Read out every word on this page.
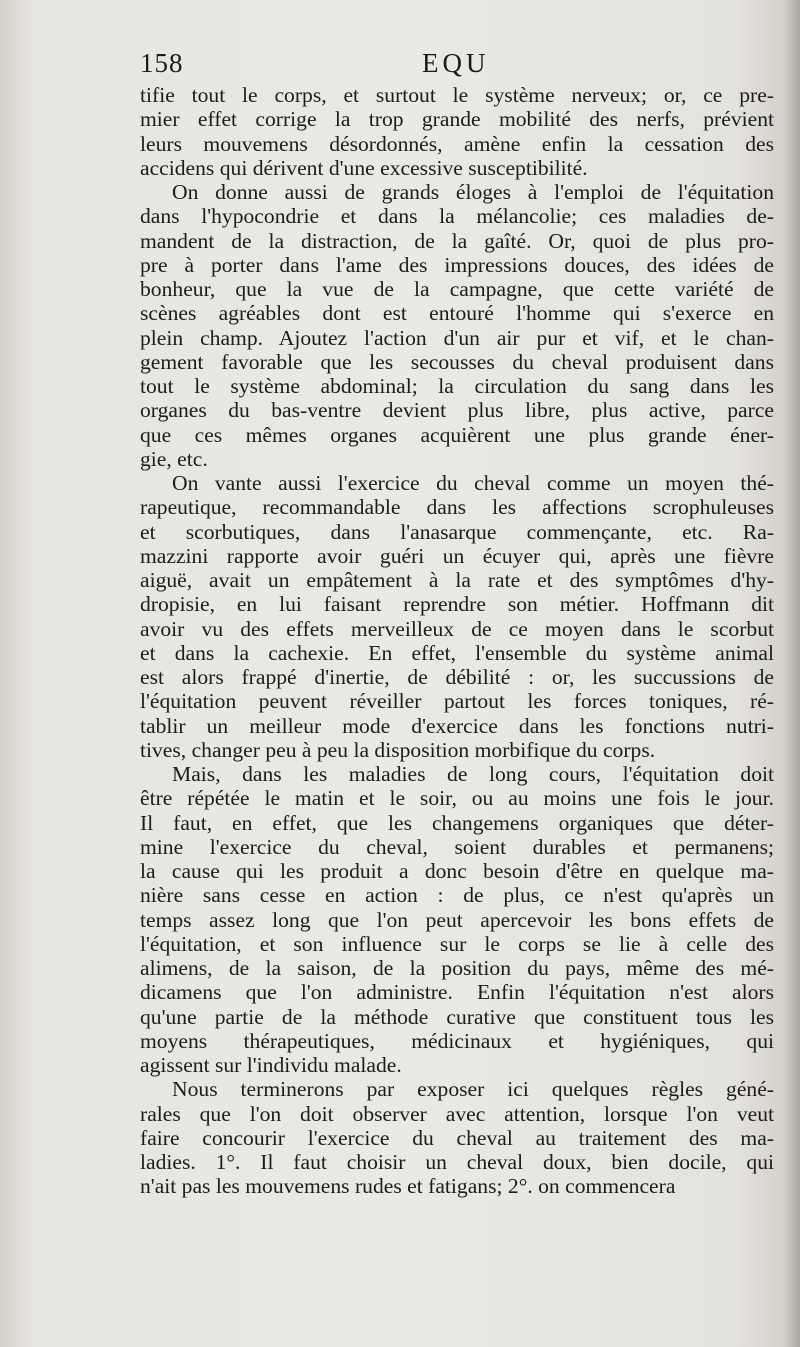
158	EQU
tifie tout le corps, et surtout le système nerveux; or, ce pre-
mier effet corrige la trop grande mobilité des nerfs, prévient
leurs mouvemens désordonnés, amène enfin la cessation des
accidens qui dérivent d'une excessive susceptibilité.
On donne aussi de grands éloges à l'emploi de l'équitation
dans l'hypocondrie et dans la mélancolie; ces maladies de-
mandent de la distraction, de la gaîté. Or, quoi de plus pro-
pre à porter dans l'ame des impressions douces, des idées de
bonheur, que la vue de la campagne, que cette variété de
scènes agréables dont est entouré l'homme qui s'exerce en
plein champ. Ajoutez l'action d'un air pur et vif, et le chan-
gement favorable que les secousses du cheval produisent dans
tout le système abdominal; la circulation du sang dans les
organes du bas-ventre devient plus libre, plus active, parce
que ces mêmes organes acquièrent une plus grande éner-
gie, etc.
On vante aussi l'exercice du cheval comme un moyen thé-
rapeutique, recommandable dans les affections scrophuleuses
et scorbutiques, dans l'anasarque commençante, etc. Ra-
mazzini rapporte avoir guéri un écuyer qui, après une fièvre
aiguë, avait un empâtement à la rate et des symptômes d'hy-
dropisie, en lui faisant reprendre son métier. Hoffmann dit
avoir vu des effets merveilleux de ce moyen dans le scorbut
et dans la cachexie. En effet, l'ensemble du système animal
est alors frappé d'inertie, de débilité : or, les succussions de
l'équitation peuvent réveiller partout les forces toniques, ré-
tablir un meilleur mode d'exercice dans les fonctions nutri-
tives, changer peu à peu la disposition morbifique du corps.
Mais, dans les maladies de long cours, l'équitation doit
être répétée le matin et le soir, ou au moins une fois le jour.
Il faut, en effet, que les changemens organiques que déter-
mine l'exercice du cheval, soient durables et permanens;
la cause qui les produit a donc besoin d'être en quelque ma-
nière sans cesse en action : de plus, ce n'est qu'après un
temps assez long que l'on peut apercevoir les bons effets de
l'équitation, et son influence sur le corps se lie à celle des
alimens, de la saison, de la position du pays, même des mé-
dicamens que l'on administre. Enfin l'équitation n'est alors
qu'une partie de la méthode curative que constituent tous les
moyens thérapeutiques, médicinaux et hygiéniques, qui
agissent sur l'individu malade.
Nous terminerons par exposer ici quelques règles géné-
rales que l'on doit observer avec attention, lorsque l'on veut
faire concourir l'exercice du cheval au traitement des ma-
ladies. 1°. Il faut choisir un cheval doux, bien docile, qui
n'ait pas les mouvemens rudes et fatigans; 2°. on commencera
